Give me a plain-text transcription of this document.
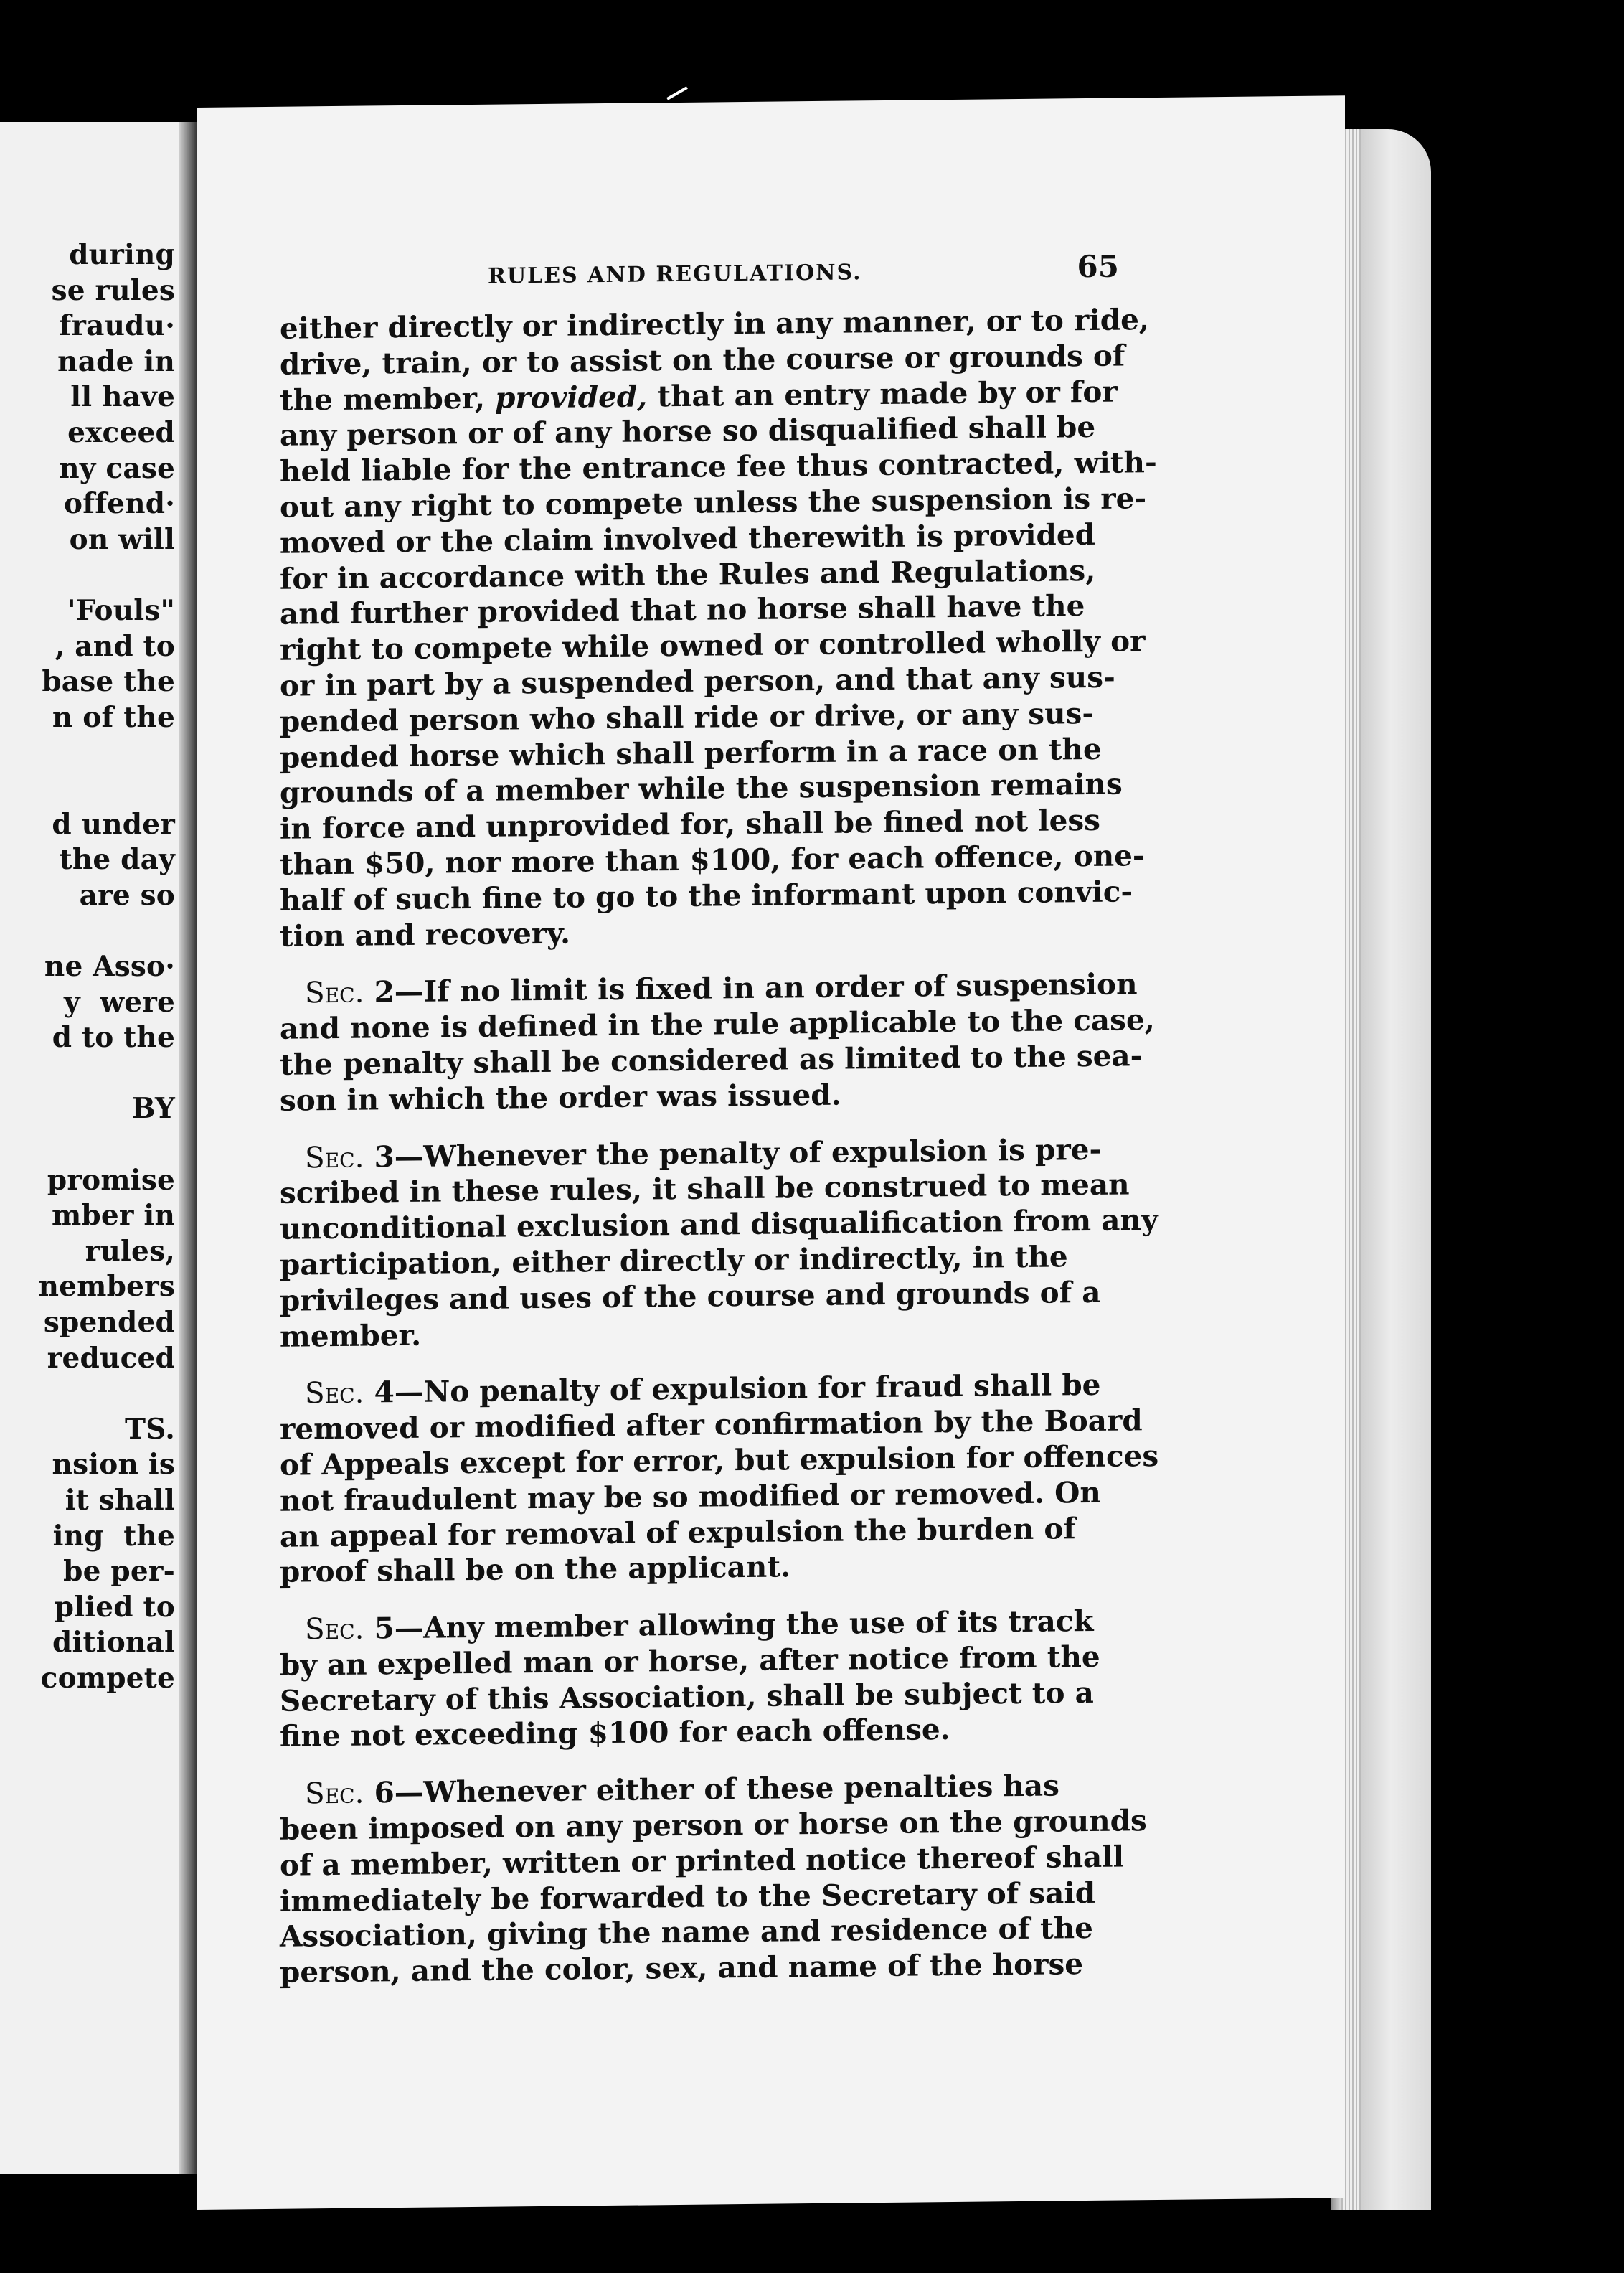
during
se rules
fraudu·
nade in
ll have
exceed
ny case
offend·
on will
'Fouls"
, and to
base the
n of the
d under
the day
are so
ne Asso·
y  were
d to the
BY
promise
mber in
rules,
nembers
spended
reduced
TS.
nsion is
it shall
ing  the
be per-
plied to
ditional
compete
RULES AND REGULATIONS.	65
either directly or indirectly in any manner, or to ride,
drive, train, or to assist on the course or grounds of
the member, provided, that an entry made by or for
any person or of any horse so disqualified shall be
held liable for the entrance fee thus contracted, with-
out any right to compete unless the suspension is re-
moved or the claim involved therewith is provided
for in accordance with the Rules and Regulations,
and further provided that no horse shall have the
right to compete while owned or controlled wholly or
or in part by a suspended person, and that any sus-
pended person who shall ride or drive, or any sus-
pended horse which shall perform in a race on the
grounds of a member while the suspension remains
in force and unprovided for, shall be fined not less
than $50, nor more than $100, for each offence, one-
half of such fine to go to the informant upon convic-
tion and recovery.
Sec. 2—If no limit is fixed in an order of suspension
and none is defined in the rule applicable to the case,
the penalty shall be considered as limited to the sea-
son in which the order was issued.
Sec. 3—Whenever the penalty of expulsion is pre-
scribed in these rules, it shall be construed to mean
unconditional exclusion and disqualification from any
participation, either directly or indirectly, in the
privileges and uses of the course and grounds of a
member.
Sec. 4—No penalty of expulsion for fraud shall be
removed or modified after confirmation by the Board
of Appeals except for error, but expulsion for offences
not fraudulent may be so modified or removed. On
an appeal for removal of expulsion the burden of
proof shall be on the applicant.
Sec. 5—Any member allowing the use of its track
by an expelled man or horse, after notice from the
Secretary of this Association, shall be subject to a
fine not exceeding $100 for each offense.
Sec. 6—Whenever either of these penalties has
been imposed on any person or horse on the grounds
of a member, written or printed notice thereof shall
immediately be forwarded to the Secretary of said
Association, giving the name and residence of the
person, and the color, sex, and name of the horse
